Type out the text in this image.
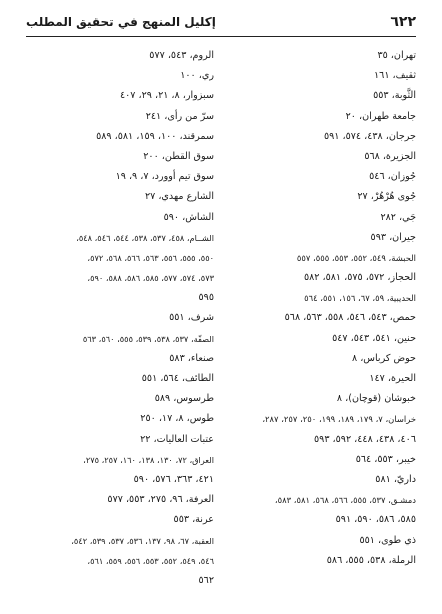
٦٢٢
إكليل المنهج في تحقيق المطلب
تهران، ٣٥
ثقيف، ١٦١
الثَّوبة، ٥٥٣
جامعة طهران، ٢٠
جرجان، ٤٣٨، ٥٧٤، ٥٩١
الجزيرة، ٥٦٨
جُوزان، ٥٤٦
جُوى هُرْهُرْ، ٢٧
جَي، ٢٨٢
جيران، ٥٩٣
الحبشة، ٥٤٩، ٥٥٢، ٥٥٣، ٥٥٥، ٥٥٧
الحجاز، ٥٧٢، ٥٧٥، ٥٨١، ٥٨٢
الحديبية، ٥٩، ٦٧، ١٥٦، ٥٥١، ٥٦٤
حمص، ٥٤٣، ٥٤٦، ٥٥٨، ٥٦٣، ٥٦٨
حنين، ٥٤١، ٥٤٣، ٥٤٧
حوض كرباس، ٨
الحيرة، ١٤٧
خبوشان (قوچان)، ٨
خراسان، ٧، ١٧٩، ١٨٩، ١٩٩، ٢٥٠، ٢٥٧، ٢٨٧،
٤٠٦، ٤٣٨، ٤٤٨، ٥٩٢، ٥٩٣
خيبر، ٥٥٣، ٥٦٤
داريّ، ٥٨١
دمشـق، ٥٣٧، ٥٥٥، ٥٦٦، ٥٦٨، ٥٨١، ٥٨٣،
٥٨٥، ٥٨٦، ٥٩٠، ٥٩١
ذي طوى، ٥٥١
الرملة، ٥٣٨، ٥٥٥، ٥٨٦
الروم، ٥٤٣، ٥٧٧
ري، ١٠٠
سبزوار، ٨، ٢١، ٢٩، ٤٠٧
سرّ من رأى، ٢٤١
سمرقند، ١٠٠، ١٥٩، ٥٨١، ٥٨٩
سوق القطن، ٢٠٠
سوق تيم أوورد، ٧، ٩، ١٩
الشارع مهدي، ٢٧
الشاش، ٥٩٠
الشــام، ٤٥٨، ٥٣٧، ٥٣٨، ٥٤٤، ٥٤٦، ٥٤٨،
٥٥٠، ٥٥٥، ٥٥٦، ٥٦٣، ٥٦٦، ٥٦٨، ٥٧٢،
٥٧٣، ٥٧٤، ٥٧٧، ٥٨٥، ٥٨٦، ٥٨٨، ٥٩٠،
٥٩٥
شرف، ٥٥١
الصفّة، ٥٣٧، ٥٣٨، ٥٣٩، ٥٥٥، ٥٦٠، ٥٦٣
صنعاء، ٥٨٣
الطائف، ٥٦٤، ٥٥١
طرسوس، ٥٨٩
طوس، ٨، ١٧، ٢٥٠
عتبات العاليات، ٢٢
العراق، ٧٢، ١٣٠، ١٣٨، ١٦٠، ٢٥٧، ٢٧٥،
٤٢١، ٣٦٣، ٥٧٦، ٥٩٠
العرفة، ٩٦، ٢٧٥، ٥٥٣، ٥٧٧
عرنة، ٥٥٣
العقبة، ٦٧، ٩٨، ١٣٧، ٥٣٦، ٥٣٧، ٥٣٩، ٥٤٢،
٥٤٦، ٥٤٩، ٥٥٢، ٥٥٣، ٥٥٦، ٥٥٩، ٥٦١،
٥٦٢
